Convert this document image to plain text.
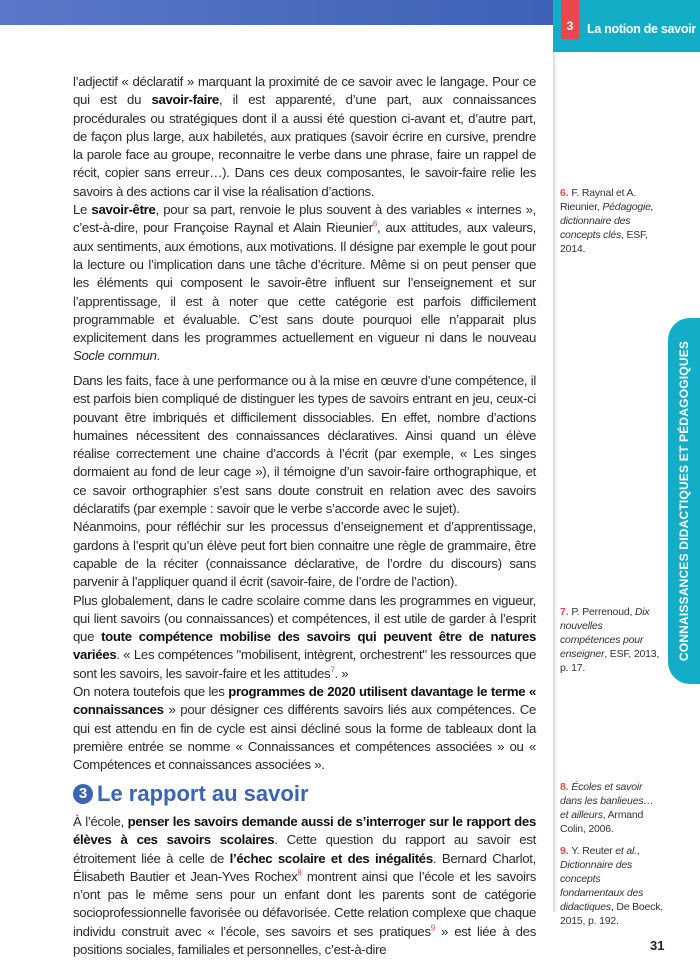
3	La notion de savoir
CONNAISSANCES DIDACTIQUES ET PÉDAGOGIQUES

l’adjectif « déclaratif » marquant la proximité de ce savoir avec le langage. Pour ce qui est du savoir-faire, il est apparenté, d’une part, aux connaissances procédurales ou stratégiques dont il a aussi été question ci-avant et, d’autre part, de façon plus large, aux habiletés, aux pratiques (savoir écrire en cursive, prendre la parole face au groupe, reconnaitre le verbe dans une phrase, faire un rappel de récit, copier sans erreur…). Dans ces deux composantes, le savoir-faire relie les savoirs à des actions car il vise la réalisation d’actions.

Le savoir-être, pour sa part, renvoie le plus souvent à des variables « internes », c’est-à-dire, pour Françoise Raynal et Alain Rieunier$^6$, aux attitudes, aux valeurs, aux sentiments, aux émotions, aux motivations. Il désigne par exemple le gout pour la lecture ou l’implication dans une tâche d’écriture. Même si on peut penser que les éléments qui composent le savoir-être influent sur l’enseignement et sur l’apprentissage, il est à noter que cette catégorie est parfois difficilement programmable et évaluable. C’est sans doute pourquoi elle n’apparait plus explicitement dans les programmes actuellement en vigueur ni dans le nouveau Socle commun.

Dans les faits, face à une performance ou à la mise en œuvre d’une compétence, il est parfois bien compliqué de distinguer les types de savoirs entrant en jeu, ceux-ci pouvant être imbriqués et difficilement dissociables. En effet, nombre d’actions humaines nécessitent des connaissances déclaratives. Ainsi quand un élève réalise correctement une chaine d’accords à l’écrit (par exemple, « Les singes dormaient au fond de leur cage »), il témoigne d’un savoir-faire orthographique, et ce savoir orthographier s’est sans doute construit en relation avec des savoirs déclaratifs (par exemple : savoir que le verbe s’accorde avec le sujet).

Néanmoins, pour réfléchir sur les processus d’enseignement et d’apprentissage, gardons à l’esprit qu’un élève peut fort bien connaitre une règle de grammaire, être capable de la réciter (connaissance déclarative, de l’ordre du discours) sans parvenir à l’appliquer quand il écrit (savoir-faire, de l’ordre de l’action).

Plus globalement, dans le cadre scolaire comme dans les programmes en vigueur, qui lient savoirs (ou connaissances) et compétences, il est utile de garder à l’esprit que toute compétence mobilise des savoirs qui peuvent être de natures variées. « Les compétences "mobilisent, intègrent, orchestrent" les ressources que sont les savoirs, les savoir-faire et les attitudes$^7$. »

On notera toutefois que les programmes de 2020 utilisent davantage le terme « connaissances » pour désigner ces différents savoirs liés aux compétences. Ce qui est attendu en fin de cycle est ainsi décliné sous la forme de tableaux dont la première entrée se nomme « Connaissances et compétences associées » ou « Compétences et connaissances associées ».

3 Le rapport au savoir

À l’école, penser les savoirs demande aussi de s’interroger sur le rapport des élèves à ces savoirs scolaires. Cette question du rapport au savoir est étroitement liée à celle de l’échec scolaire et des inégalités. Bernard Charlot, Élisabeth Bautier et Jean-Yves Rochex$^8$ montrent ainsi que l’école et les savoirs n’ont pas le même sens pour un enfant dont les parents sont de catégorie socioprofessionnelle favorisée ou défavorisée. Cette relation complexe que chaque individu construit avec « l’école, ses savoirs et ses pratiques$^9$ » est liée à des positions sociales, familiales et personnelles, c’est-à-dire

6. F. Raynal et A. Rieunier, Pédagogie, dictionnaire des concepts clés, ESF, 2014.
7. P. Perrenoud, Dix nouvelles compétences pour enseigner, ESF, 2013, p. 17.
8. Écoles et savoir dans les banlieues… et ailleurs, Armand Colin, 2006.
9. Y. Reuter et al., Dictionnaire des concepts fondamentaux des didactiques, De Boeck, 2015, p. 192.
31
